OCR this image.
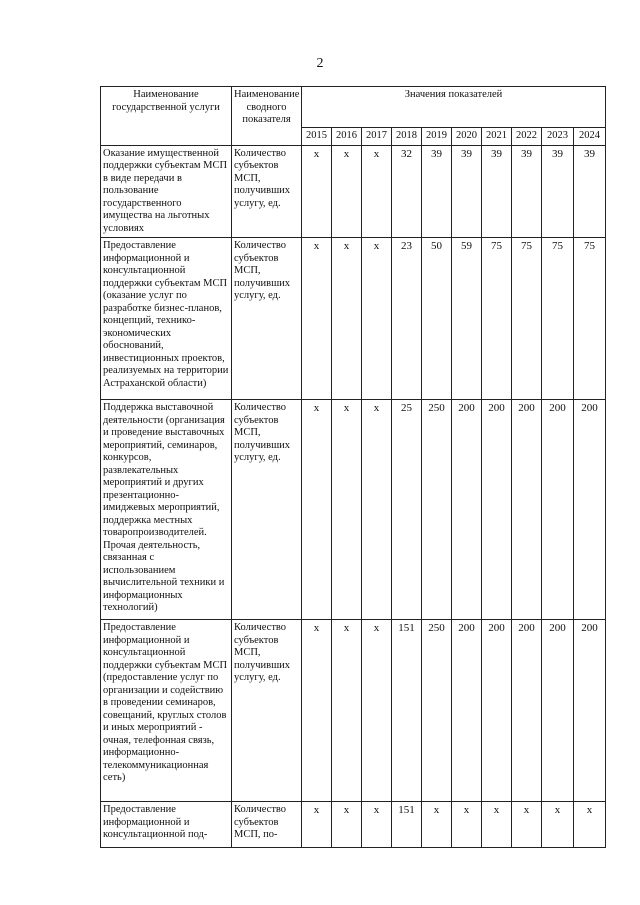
2
Наименование государственной услуги	Наименование сводного показателя	Значения показателей									
		2015	2016	2017	2018	2019	2020	2021	2022	2023	2024
Оказание имущественной поддержки субъектам МСП в виде передачи в пользование государственного имущества на льготных условиях	Количество субъектов МСП, получивших услугу, ед.	x	x	x	32	39	39	39	39	39	39
Предоставление информационной и консультационной поддержки субъектам МСП (оказание услуг по разработке бизнес-планов, концепций, технико-экономических обоснований, инвестиционных проектов, реализуемых на территории Астраханской области)	Количество субъектов МСП, получивших услугу, ед.	x	x	x	23	50	59	75	75	75	75
Поддержка выставочной деятельности (организация и проведение выставочных мероприятий, семинаров, конкурсов, развлекательных мероприятий и других презентационно-имиджевых мероприятий, поддержка местных товаропроизводителей. Прочая деятельность, связанная с использованием вычислительной техники и информационных технологий)	Количество субъектов МСП, получивших услугу, ед.	x	x	x	25	250	200	200	200	200	200
Предоставление информационной и консультационной поддержки субъектам МСП (предоставление услуг по организации и содействию в проведении семинаров, совещаний, круглых столов и иных мероприятий - очная, телефонная связь, информационно-телекоммуникационная сеть)	Количество субъектов МСП, получивших услугу, ед.	x	x	x	151	250	200	200	200	200	200
Предоставление информационной и консультационной под-	Количество субъектов МСП, по-	x	x	x	151	x	x	x	x	x	x
